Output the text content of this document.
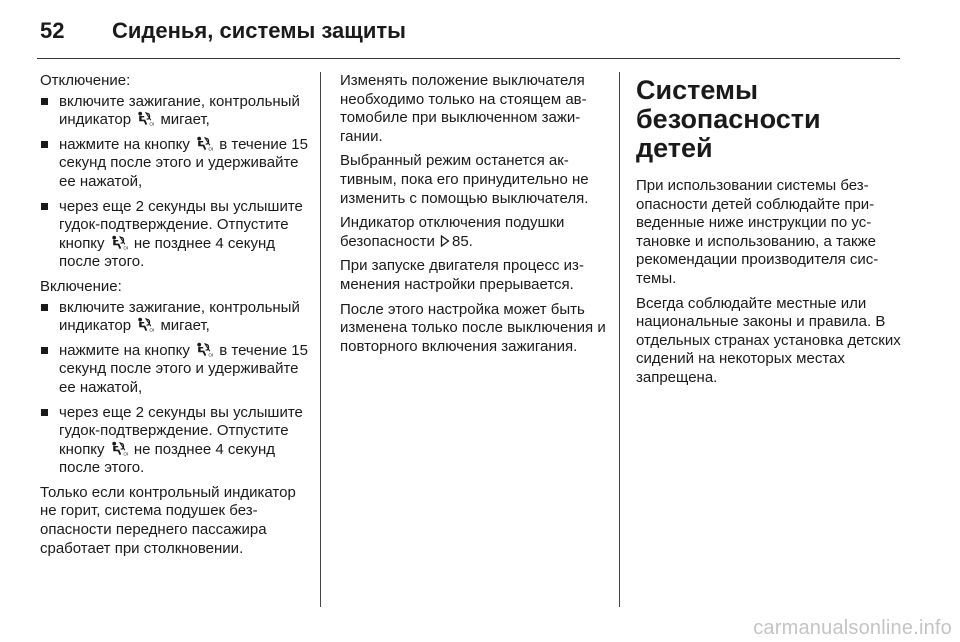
52	Сиденья, системы защиты

Отключение:

включите зажигание, контрольный индикатор мигает,
нажмите на кнопку в течение 15 секунд после этого и удерживайте ее нажатой,
через еще 2 секунды вы услышите гудок-подтверждение. Отпустите кнопку не позднее 4 секунд после этого.

Включение:

включите зажигание, контрольный индикатор мигает,
нажмите на кнопку в течение 15 секунд после этого и удерживайте ее нажатой,
через еще 2 секунды вы услышите гудок-подтверждение. Отпустите кнопку не позднее 4 секунд после этого.

Только если контрольный индикатор не горит, система подушек безопасности переднего пассажира сработает при столкновении.

Изменять положение выключателя необходимо только на стоящем автомобиле при выключенном зажигании.

Выбранный режим останется активным, пока его принудительно не изменить с помощью выключателя.

Индикатор отключения подушки безопасности 85.

При запуске двигателя процесс изменения настройки прерывается.

После этого настройка может быть изменена только после выключения и повторного включения зажигания.

Системы безопасности детей

При использовании системы безопасности детей соблюдайте приведенные ниже инструкции по установке и использованию, а также рекомендации производителя системы.

Всегда соблюдайте местные или национальные законы и правила. В отдельных странах установка детских сидений на некоторых местах запрещена.

carmanualsonline.info
